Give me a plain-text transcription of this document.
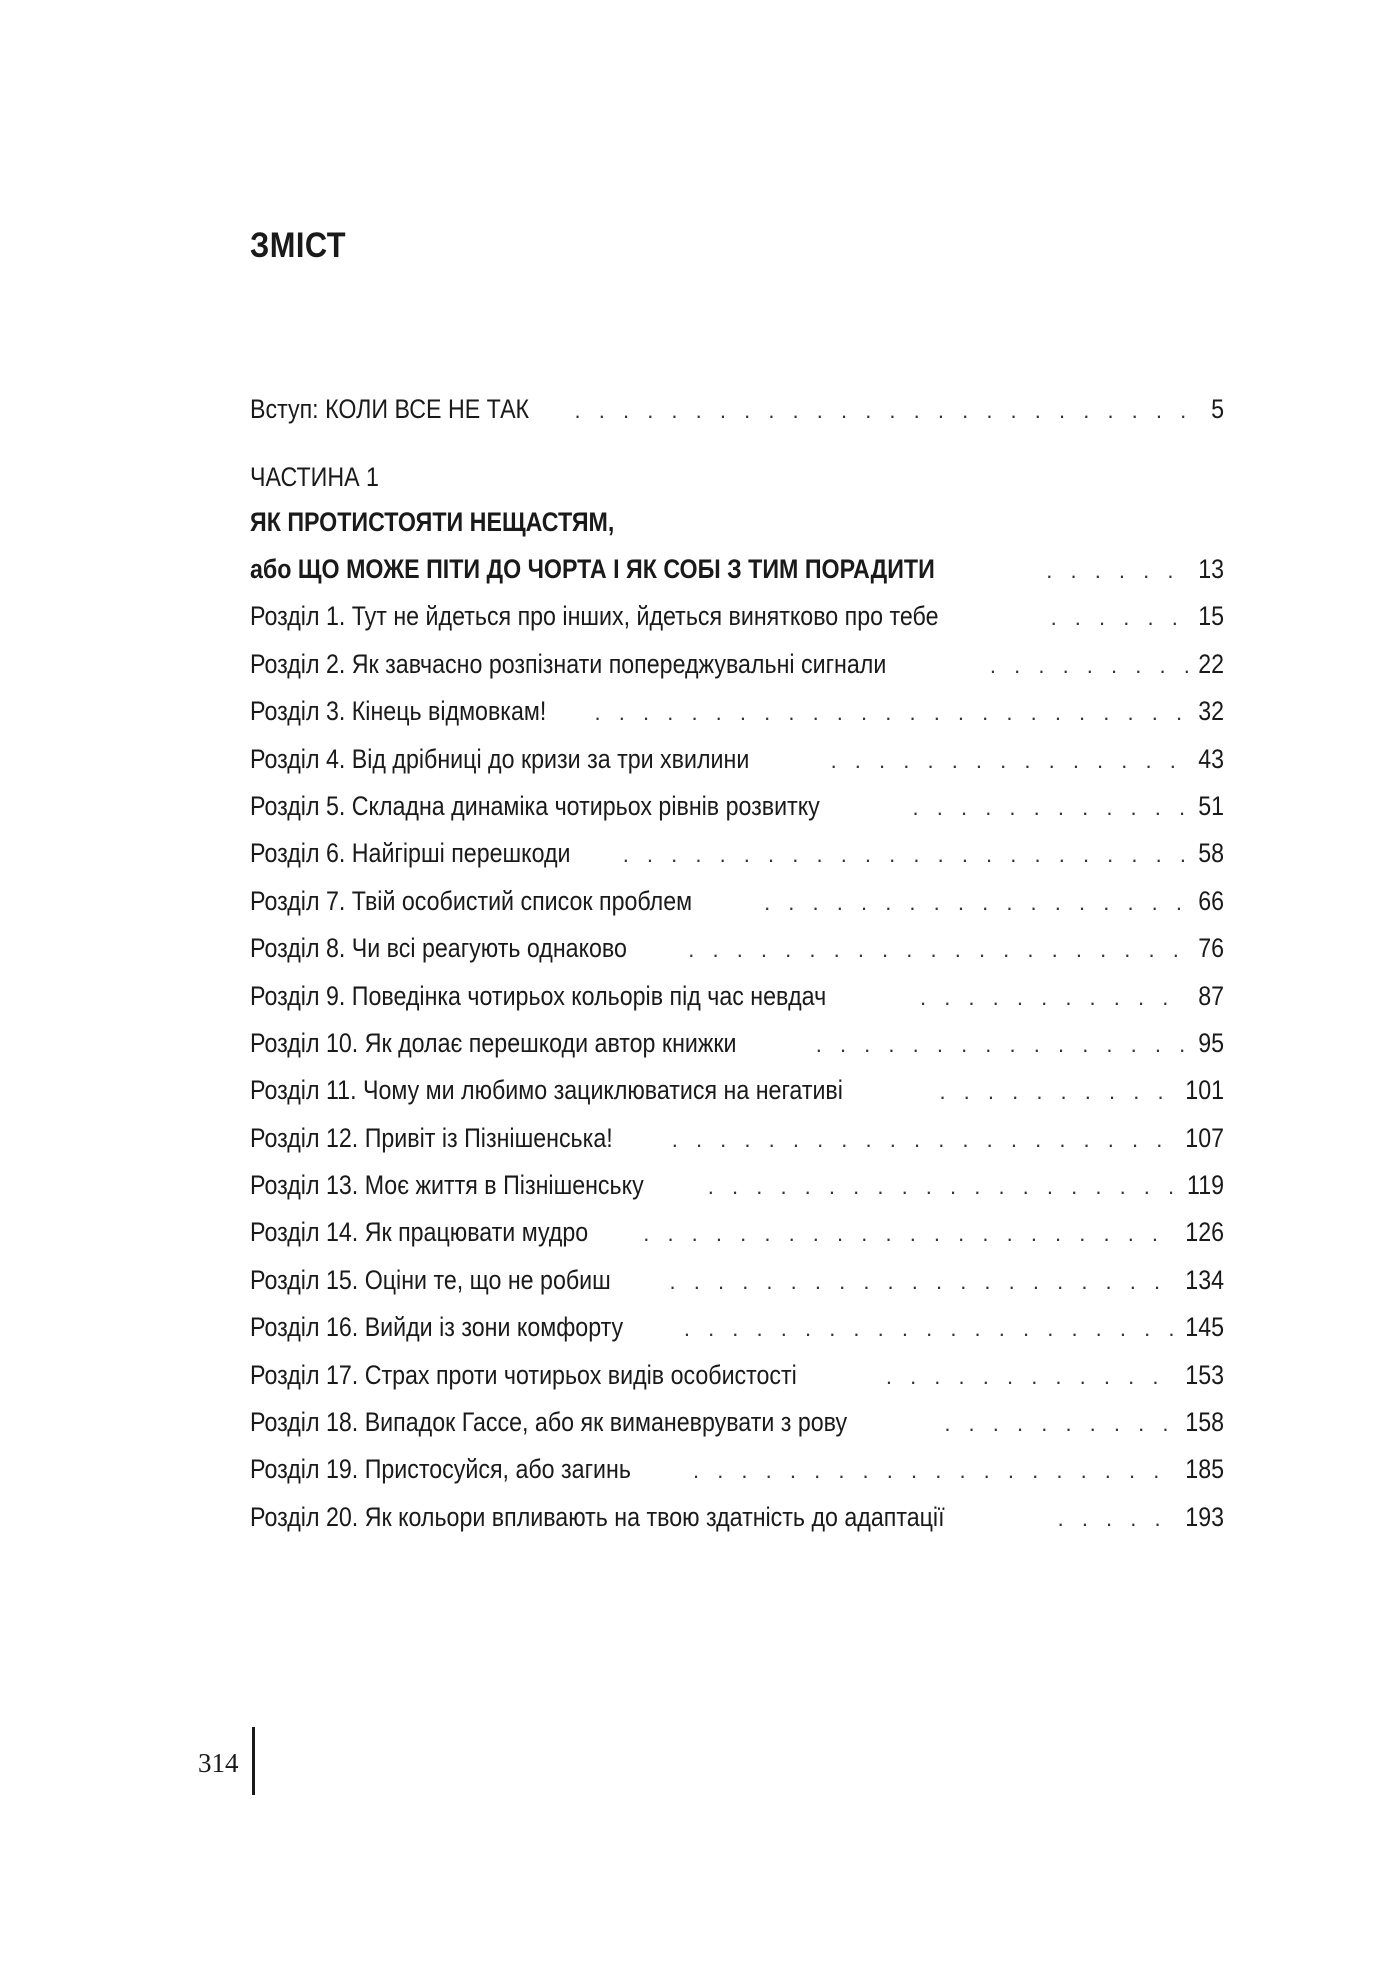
ЗМІСТ
Вступ: КОЛИ ВСЕ НЕ ТАК . . .	5
ЧАСТИНА 1
ЯК ПРОТИСТОЯТИ НЕЩАСТЯМ,
або ЩО МОЖЕ ПІТИ ДО ЧОРТА І ЯК СОБІ З ТИМ ПОРАДИТИ . . .	13
Розділ 1. Тут не йдеться про інших, йдеться винятково про тебе . . .	15
Розділ 2. Як завчасно розпізнати попереджувальні сигнали . . .	22
Розділ 3. Кінець відмовкам! . . .	32
Розділ 4. Від дрібниці до кризи за три хвилини . . .	43
Розділ 5. Складна динаміка чотирьох рівнів розвитку . . .	51
Розділ 6. Найгірші перешкоди . . .	58
Розділ 7. Твій особистий список проблем . . .	66
Розділ 8. Чи всі реагують однаково . . .	76
Розділ 9. Поведінка чотирьох кольорів під час невдач . . .	87
Розділ 10. Як долає перешкоди автор книжки . . .	95
Розділ 11. Чому ми любимо зациклюватися на негативі . . .	101
Розділ 12. Привіт із Пізнішенська! . . .	107
Розділ 13. Моє життя в Пізнішенську . . .	119
Розділ 14. Як працювати мудро . . .	126
Розділ 15. Оціни те, що не робиш . . .	134
Розділ 16. Вийди із зони комфорту . . .	145
Розділ 17. Страх проти чотирьох видів особистості . . .	153
Розділ 18. Випадок Гассе, або як виманеврувати з рову . . .	158
Розділ 19. Пристосуйся, або загинь . . .	185
Розділ 20. Як кольори впливають на твою здатність до адаптації . . .	193
314
